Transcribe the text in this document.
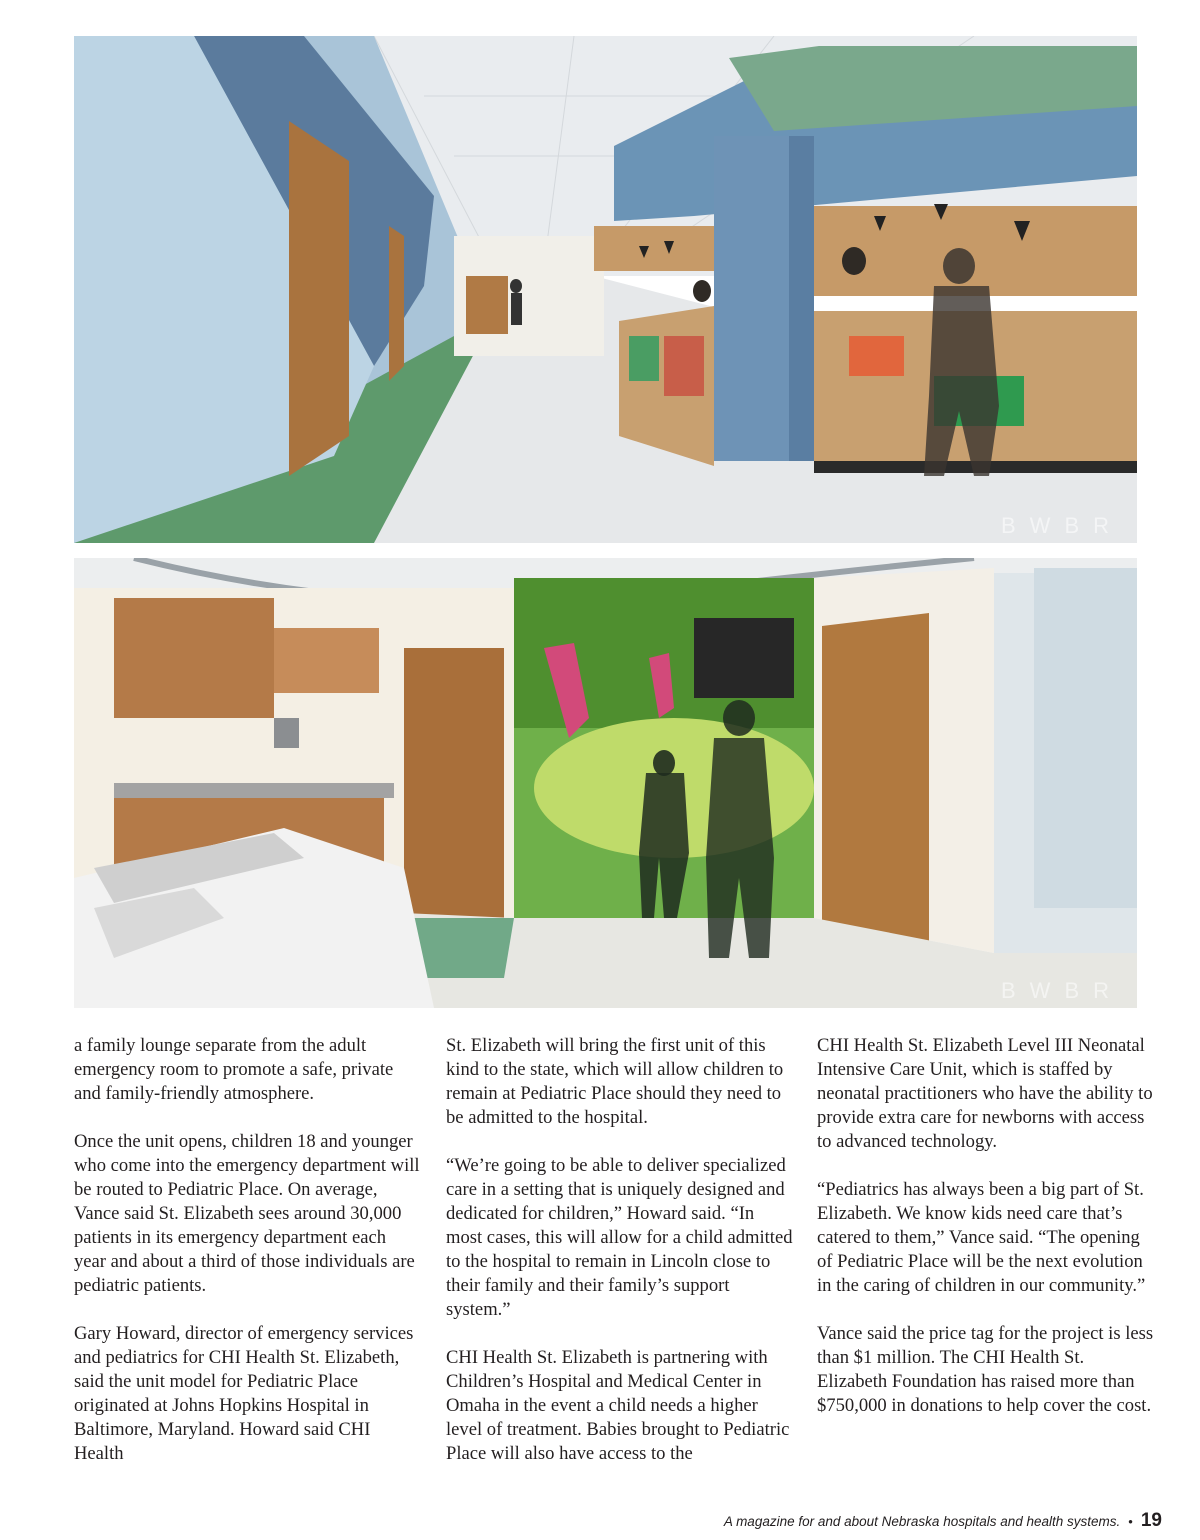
BWBR
BWBR

a family lounge separate from the adult emergency room to promote a safe, private and family-friendly atmosphere.

Once the unit opens, children 18 and younger who come into the emergency department will be routed to Pediatric Place. On average, Vance said St. Elizabeth sees around 30,000 patients in its emergency department each year and about a third of those individuals are pediatric patients.

Gary Howard, director of emergency services and pediatrics for CHI Health St. Elizabeth, said the unit model for Pediatric Place originated at Johns Hopkins Hospital in Baltimore, Maryland. Howard said CHI Health

St. Elizabeth will bring the first unit of this kind to the state, which will allow children to remain at Pediatric Place should they need to be admitted to the hospital.

“We’re going to be able to deliver specialized care in a setting that is uniquely designed and dedicated for children,” Howard said. “In most cases, this will allow for a child admitted to the hospital to remain in Lincoln close to their family and their family’s support system.”

CHI Health St. Elizabeth is partnering with Children’s Hospital and Medical Center in Omaha in the event a child needs a higher level of treatment. Babies brought to Pediatric Place will also have access to the

CHI Health St. Elizabeth Level III Neonatal Intensive Care Unit, which is staffed by neonatal practitioners who have the ability to provide extra care for newborns with access to advanced technology.

“Pediatrics has always been a big part of St. Elizabeth. We know kids need care that’s catered to them,” Vance said. “The opening of Pediatric Place will be the next evolution in the caring of children in our community.”

Vance said the price tag for the project is less than $1 million. The CHI Health St. Elizabeth Foundation has raised more than $750,000 in donations to help cover the cost.

A magazine for and about Nebraska hospitals and health systems. • 19
